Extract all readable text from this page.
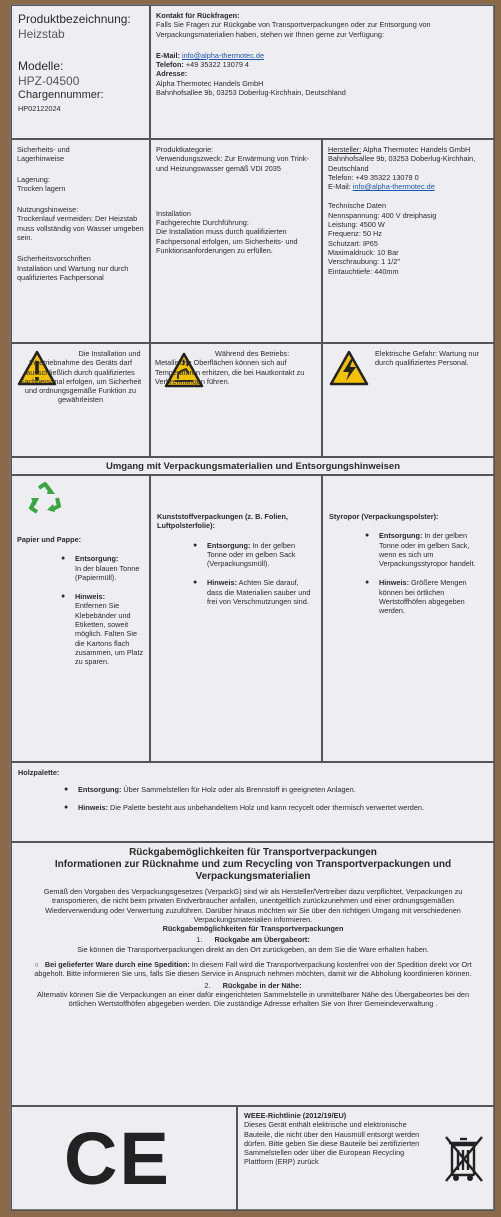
Produktbezeichnung:
Heizstab
Modelle:
HPZ-04500
Chargennummer:
HP02122024
Kontakt für Rückfragen:
Falls Sie Fragen zur Rückgabe von Transportverpackungen oder zur Entsorgung von Verpackungsmaterialien haben, stehen wir Ihnen gerne zur Verfügung:
E-Mail: info@alpha-thermotec.de
Telefon: +49 35322 13079 4
Adresse:
Alpha Thermotec Handels GmbH
Bahnhofsallee 9b, 03253 Doberlug-Kirchhain, Deutschland
Sicherheits- und Lagerhinweise
Lagerung:
Trocken lagern
Nutzungshinweise:
Trockenlauf vermeiden: Der Heizstab muss vollständig von Wasser umgeben sein.
Sicherheitsvorschriften
Installation und Wartung nur durch qualifiziertes Fachpersonal
Produktkategorie:
Verwendungszweck: Zur Erwärmung von Trink- und Heizungswasser gemäß VDI 2035
Installation
Fachgerechte Durchführung:
Die Installation muss durch qualifizierten Fachpersonal erfolgen, um Sicherheits- und Funktionsanforderungen zu erfüllen.
Hersteller: Alpha Thermotec Handels GmbH
Bahnhofsallee 9b, 03253 Doberlug-Kirchhain, Deutschland
Telefon: +49 35322 13079 0
E-Mail: info@alpha-thermotec.de
Technische Daten
Nennspannung: 400 V dreiphasig
Leistung: 4500 W
Frequenz: 50 Hz
Schutzart: IP65
Maximaldruck: 10 Bar
Verschraubung: 1 1/2"
Eintauchtiefe: 440mm
Die Installation und Inbetriebnahme des Geräts darf ausschließlich durch qualifiziertes Fachpersonal erfolgen, um Sicherheit und ordnungsgemäße Funktion zu gewährleisten
Während des Betriebs: Metallische Oberflächen können sich auf Temperaturen erhitzen, die bei Hautkontakt zu Verbrennungen führen.
Elektrische Gefahr: Wartung nur durch qualifiziertes Personal.
Umgang mit Verpackungsmaterialien und Entsorgungshinweisen
Papier und Pappe:
● Entsorgung:
In der blauen Tonne (Papiermüll).
● Hinweis:
Entfernen Sie Klebebänder und Etiketten, soweit möglich. Falten Sie die Kartons flach zusammen, um Platz zu sparen.
Kunststoffverpackungen (z. B. Folien, Luftpolsterfolie):
● Entsorgung: In der gelben Tonne oder im gelben Sack (Verpackungsmüll).
● Hinweis: Achten Sie darauf, dass die Materialien sauber und frei von Verschmutzungen sind.
Styropor (Verpackungspolster):
● Entsorgung: In der gelben Tonne oder im gelben Sack, wenn es sich um Verpackungsstyropor handelt.
● Hinweis: Größere Mengen können bei örtlichen Wertstoffhöfen abgegeben werden.
Holzpalette:
● Entsorgung: Über Sammelstellen für Holz oder als Brennstoff in geeigneten Anlagen.
● Hinweis: Die Palette besteht aus unbehandeltem Holz und kann recycelt oder thermisch verwertet werden.
Rückgabemöglichkeiten für Transportverpackungen
Informationen zur Rücknahme und zum Recycling von Transportverpackungen und Verpackungsmaterialien
Gemäß den Vorgaben des Verpackungsgesetzes (VerpackG) sind wir als Hersteller/Vertreiber dazu verpflichtet, Verpackungen zu transportieren, die nicht beim privaten Endverbraucher anfallen, unentgeltlich zurückzunehmen und einer ordnungsgemäßen Wiederverwendung oder Verwertung zuzuführen. Darüber hinaus möchten wir Sie über den richtigen Umgang mit verschiedenen Verpackungsmaterialien informieren.
Rückgabemöglichkeiten für Transportverpackungen
1. Rückgabe am Übergabeort:
Sie können die Transportverpackungen direkt an den Ort zurückgeben, an dem Sie die Ware erhalten haben.
○ Bei gelieferter Ware durch eine Spedition: In diesem Fall wird die Transportverpackung kostenfrei von der Spedition direkt vor Ort abgeholt. Bitte informieren Sie uns, falls Sie diesen Service in Anspruch nehmen möchten, damit wir die Abholung koordinieren können.
2. Rückgabe in der Nähe:
Alternativ können Sie die Verpackungen an einer dafür eingerichteten Sammelstelle in unmittelbarer Nähe des Übergabeortes bei den örtlichen Wertstoffhöfen abgegeben werden. Die zuständige Adresse erhalten Sie von Ihrer Gemeindeverwaltung .
CE
WEEE-Richtlinie (2012/19/EU)
Dieses Gerät enthält elektrische und elektronische Bauteile, die nicht über den Hausmüll entsorgt werden dürfen. Bitte geben Sie diese Bauteile bei zertifizierten Sammelstellen oder über die European Recycling Plattform (ERP) zurück
